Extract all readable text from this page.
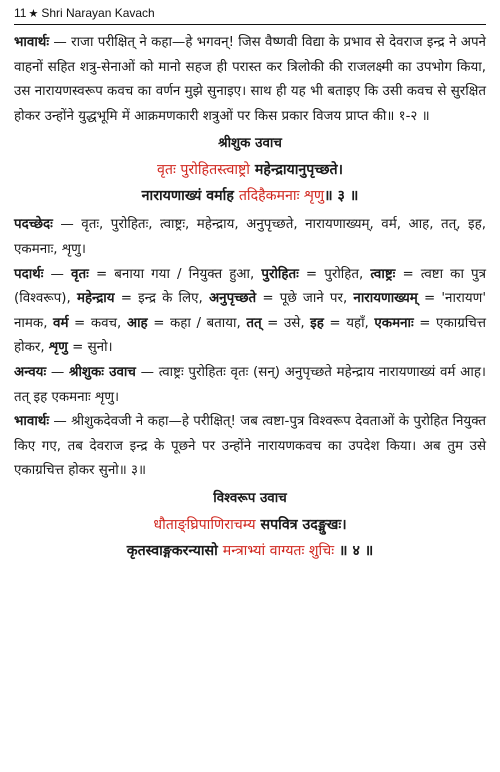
11 ★ Shri Narayan Kavach

भावार्थः — राजा परीक्षित् ने कहा—हे भगवन्! जिस वैष्णवी विद्या के प्रभाव से देवराज इन्द्र ने अपने वाहनों सहित शत्रु-सेनाओं को मानो सहज ही परास्त कर त्रिलोकी की राजलक्ष्मी का उपभोग किया, उस नारायणस्वरूप कवच का वर्णन मुझे सुनाइए। साथ ही यह भी बताइए कि उसी कवच से सुरक्षित होकर उन्होंने युद्धभूमि में आक्रमणकारी शत्रुओं पर किस प्रकार विजय प्राप्त की॥ १-२ ॥

श्रीशुक उवाच
वृतः पुरोहितस्त्वाष्ट्रो महेन्द्रायानुपृच्छते।
नारायणाख्यं वर्माह तदिहैकमनाः शृणु॥ ३ ॥

पदच्छेदः — वृतः, पुरोहितः, त्वाष्ट्रः, महेन्द्राय, अनुपृच्छते, नारायणाख्यम्, वर्म, आह, तत्, इह, एकमनाः, शृणु।

पदार्थः — वृतः = बनाया गया / नियुक्त हुआ, पुरोहितः = पुरोहित, त्वाष्ट्रः = त्वष्टा का पुत्र (विश्वरूप), महेन्द्राय = इन्द्र के लिए, अनुपृच्छते = पूछे जाने पर, नारायणाख्यम् = 'नारायण' नामक, वर्म = कवच, आह = कहा / बताया, तत् = उसे, इह = यहाँ, एकमनाः = एकाग्रचित्त होकर, शृणु = सुनो।

अन्वयः — श्रीशुकः उवाच — त्वाष्ट्रः पुरोहितः वृतः (सन्) अनुपृच्छते महेन्द्राय नारायणाख्यं वर्म आह। तत् इह एकमनाः शृणु।

भावार्थः — श्रीशुकदेवजी ने कहा—हे परीक्षित्! जब त्वष्टा-पुत्र विश्वरूप देवताओं के पुरोहित नियुक्त किए गए, तब देवराज इन्द्र के पूछने पर उन्होंने नारायणकवच का उपदेश किया। अब तुम उसे एकाग्रचित्त होकर सुनो॥ ३॥

विश्वरूप उवाच
धौताङ्घ्रिपाणिराचम्य सपवित्र उदङ्मुखः।
कृतस्वाङ्गकरन्यासो मन्त्राभ्यां वाग्यतः शुचिः ॥ ४ ॥
